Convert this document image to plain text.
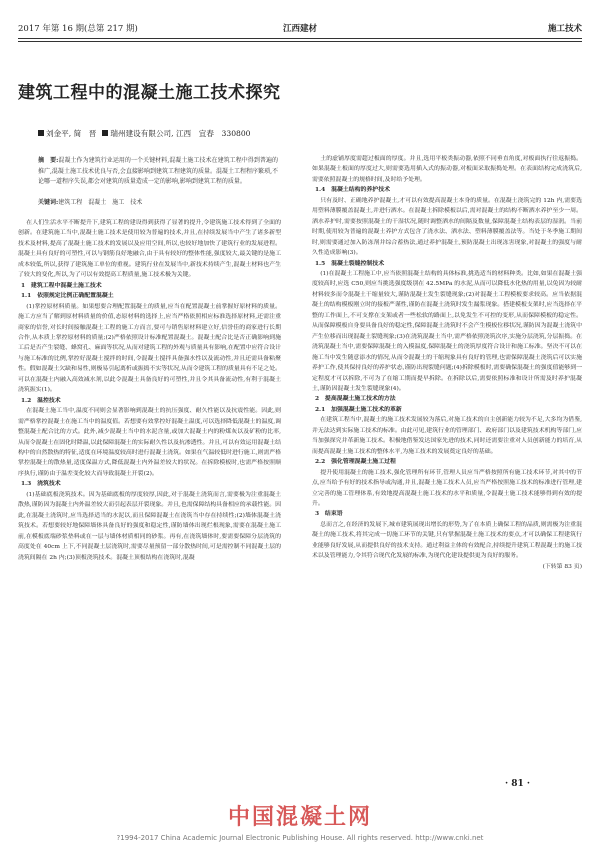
2017 年第 16 期(总第 217 期)	江西建材	施工技术
建筑工程中的混凝土施工技术探究
刘金平, 简　晋 瑞州建设有限公司, 江西　宜春　330800
摘　要:混凝土作为建筑行业运用的一个关键材料,混凝土施工技术在建筑工程中得到普遍的推广,混凝土施工技术优良与否,会直接影响到建筑工程建筑的质量。混凝土工程程序繁琐,不论哪一道程序失误,都会对建筑的质量造成一定的影响,影响到建筑工程的质量。
关键词:建筑工程　混凝土　施工　技术

在人们生活水平不断提升下,建筑工程的建设得到获得了显著的提升,令建筑施工技术得到了全面的创新。在建筑施工当中,混凝土施工技术是使用较为普遍的技术,并且,在持续发展当中产生了诸多新型技术及材料,提高了混凝土施工技术的发展以及应用空间,所以,也较好地加快了建筑行业的发展进程。混凝土具有良好的可塑性,可以与钢筋良好地融合,由于具有较好的整体性能,强度较大,最关键的是施工成本较低,所以,获得了建筑施工单位的重视。建筑行业在发展当中,新技术持续产生,混凝土材料也产生了较大的变化,所以,为了可以有效提高工程质量,施工技术极为关键。

1　建筑工程中混凝土施工技术

1.1　依照规定比例正确配置混凝土

(1)掌控原材料质量。如果想要合理配置混凝土的质量,应当在配置混凝土前掌握好原材料的质量。施工方应当了解到原材料质量的价值,态原材料的选择上,应当严格依照相应标准选择原材料,还需注重商家的信誉,对长时间接触混凝土工程的施工方而言,要可与销售原材料建立好,信誉佳的商家进行长期合作,从本质上掌控原材料的质量;(2)严格依照设计标准配置混凝土。混凝土配合比是否正确影响到施工后是否产生裂缝、蜂窝孔、麻面等状况,从而对建筑工程的外观与质量具有影响,在配置中应符合设计与施工标准的比例,掌控好混凝土搅拌的时间,令混凝土搅拌具备强水性以及流动性,并且还需具备粘聚性。假如混凝土欠缺和易性,则极易引起离析或振捣不实等状况,从而令建筑工程的质量具有不足之处。可以在混凝土内融入高效减水剂,以此令混凝土具备良好的可塑性,并且令其具备流动性,有利于混凝土浇筑振实(1)。

1.2　温控技术

在混凝土施工当中,温度不同则会显著影响到混凝土的抗压强度、耐久性能以及抗震性能。因此,则需严格掌控混凝土在施工当中的温度值。若想要有效掌控好混凝土温度,可以选择降低混凝土的温度,调整混凝土配合比的方式。此外,减少混凝土当中的水泥含量,或加大混凝土内的粉煤灰以及矿粉的比率,从而令混凝土在固化时降温,以此保障混凝土的实际耐久性以及抗渗透性。并且,可以有效运用混凝土结构中的自然散热的特征,适度在环境温度较高时进行混凝土浇筑。如果在气温较低时进行施工,则需严格掌控混凝土的散热量,适度保温方式,降低混凝土内外温差较大的状况。在拆除模板时,也需严格按照顺序执行,谨防由于温差变化较大而导致混凝土开裂(2)。

1.3　浇筑技术

(1)基础底板浇筑技术。因为基础底板的厚度较厚,因此,对于混凝土浇筑而言,需要极为注重混凝土散热,谨防因为混凝土内外温差较大而引起表层开裂现象。并且,也需保障结构具备相应的承载性能。因此,在混凝土浇筑时,应当选择适当的水泥以,而且保障混凝土在浇筑当中存在持续性;(2)墙体混凝土浇筑技术。若想要较好地保障墙体具备良好的强度和稳定性,谨防墙体出现烂根现象,需要在混凝土施工前,在模板底端砂浆垫料或在一层与墙体材质相同的砂浆。再有,在浇筑墙体时,要需要保障分层浇筑的高度处在 40cm 上下,不同混凝土层浇筑时,需要尽量预留一部分散热时间,可是需控制不同混凝土层的浇筑间隔在 2h 内;(3)顶板浇筑技术。混凝土顶板结构在浇筑时,混凝

土的虚铺厚度需超过板面的厚度。并且,选用平板类振动器,依照不同垂直角度,对板面执行往返振捣。如果混凝土板面的厚度过大,则需要选用插入式的振动器,对板面采取振捣处理。在表面结构完成浇筑后,需要依照混凝土的规格时间,及时给予处理。

1.4　混凝土结构的养护技术

只有及时、正确地养护混凝土,才可以有效提高混凝土本身的质量。在混凝土浇筑完的 12h 内,需要选用塑料薄膜覆盖混凝土,并进行洒水。在混凝土拆除模板以后,需对混凝土的结构不断洒水养护至少一周。洒水养护时,需要按照混凝土的干湿状况,随时调整洒水的间隔及数量,保障混凝土结构表层的湿润。当前时期,使用较为普遍的混凝土养护方式包含了浇水法、洒水法、塑料薄膜覆盖法等。当处于冬季施工期间时,则需要通过加入防冻剂并综合蓄热法,通过养护混凝土,预防混凝土出现冻害现象,对混凝土的强度与耐久性造成影响(3)。

1.5　混凝土裂缝控制技术

(1)在混凝土工程施工中,应当依照混凝土结构的具体标准,挑选适当的材料种类。比如,如果在混凝土强度较高时,应选 C50,则应当挑选强度级别在 42.5MPa 的水泥,从而可以降低水化热的用量,以免因为较耐材料较多而令混凝土干缩量较大,谨防混凝土发生裂缝现象;(2)对混凝土工程模板要求较高。应当依据混凝土的结构模板刚立时的接板严谨性,谨防在混凝土浇筑时发生漏浆现象。搭建模板支架时,应当选择在平整的工作面上,不可支撑在支架或者一些松软的路面上,以免发生不可控的变形,从而保障模板的稳定性。从而保障模板自身要具备良好的稳定性,保障混凝土浇筑时不会产生模板位移状况,谨防因为混凝土浇筑中产生位移而出现混凝土裂缝现象;(3)在浇筑混凝土当中,需严格依照浇筑次序,实施分层浇筑,分层振捣。在浇筑混凝土当中,需要保障混凝土的入模温度,保障混凝土的浇筑厚度符合设计和施工标准。坚决不可以在施工当中发生随意添水的情况,从而令混凝土的干缩现象具有良好的管理,也需保障混凝土浇筑后可以实施养护工作,使其保持良好的养护状态,谨防出现裂缝问题;(4)拆除模板时,需要确保混凝土的强度值能够到一定程度才可以拆除,不可为了在缩工期而提早拆除。在拆除以后,需要依照标准和设计所需及时养护混凝土,谨防因混凝土发生裂缝现象(4)。

2　提高混凝土施工技术的方法

2.1　加强混凝土施工技术的革新

在建筑工程当中,混凝土的施工技术发展较为落后,对施工技术的自主创新能力较为不足,大多均为借鉴,并无法达到实际施工技术的标准。由此可见,建筑行业的管理部门、政府部门以及建筑技术机构等部门,应当加强探究并革新施工技术。积极地借鉴发达国家先进的技术,同时还需要注重对人员创新能力的培育,从而提高混凝土施工技术的整体水平,为施工技术的发展奠定良好的基础。

2.2　强化管理混凝土施工过程

提升使用混凝土的施工技术,强化管理所有环节,管理人员应当严格按照所有施工技术环节,对其中的节点,应当给予有好的技术指导或沟通,并且,混凝土施工技术人员,应当严格按照施工技术的标准进行管理,建立完善的施工管理体系,有效地提高混凝土施工技术的水平和质量,令混凝土施工技术能够得到有效的提升。

3　结束语

总而言之,在经济的发展下,城市建筑展现出增长的形势,为了在本质上确保工程的品质,则需极为注重混凝土的施工技术,将其完成一切施工环节的关键,只有掌握混凝土施工技术的要点,才可以确保工程建筑行业能够良好发展,从而提供良好的技术支持。通过利益主体的有效配合,持续提升建筑工程混凝土的施工技术以及管理能力,令其符合现代化发展的标准,为现代化建设提供更为良好的服务。

(下转第 83 页)

· 81 ·
中国混凝土网
?1994-2017 China Academic Journal Electronic Publishing House. All rights reserved. http://www.cnki.net
